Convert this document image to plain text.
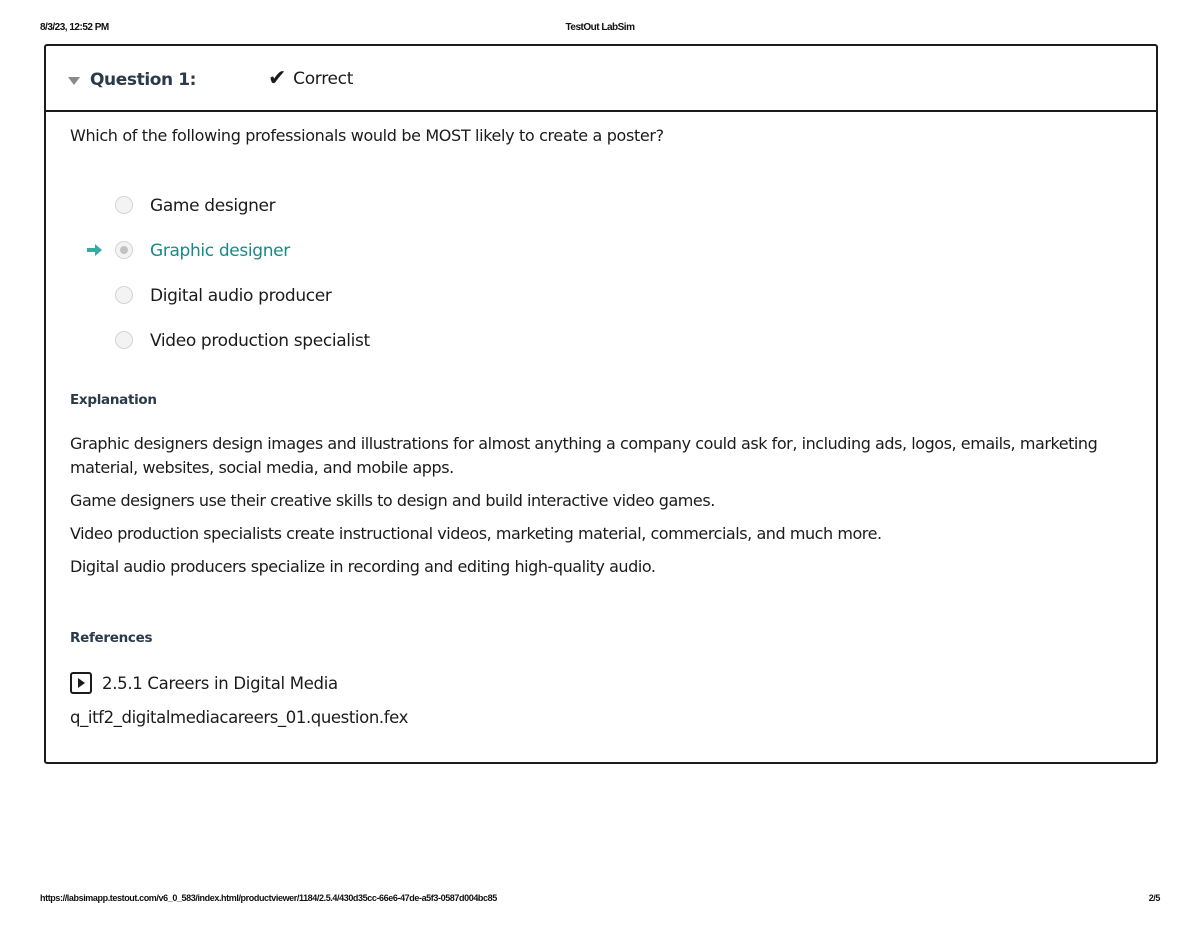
8/3/23, 12:52 PM	TestOut LabSim
Question 1:	✔ Correct
Which of the following professionals would be MOST likely to create a poster?
Game designer
Graphic designer
Digital audio producer
Video production specialist
Explanation

Graphic designers design images and illustrations for almost anything a company could ask for, including ads, logos, emails, marketing material, websites, social media, and mobile apps.

Game designers use their creative skills to design and build interactive video games.

Video production specialists create instructional videos, marketing material, commercials, and much more.

Digital audio producers specialize in recording and editing high-quality audio.

References
2.5.1 Careers in Digital Media
q_itf2_digitalmediacareers_01.question.fex
https://labsimapp.testout.com/v6_0_583/index.html/productviewer/1184/2.5.4/430d35cc-66e6-47de-a5f3-0587d004bc85	2/5
